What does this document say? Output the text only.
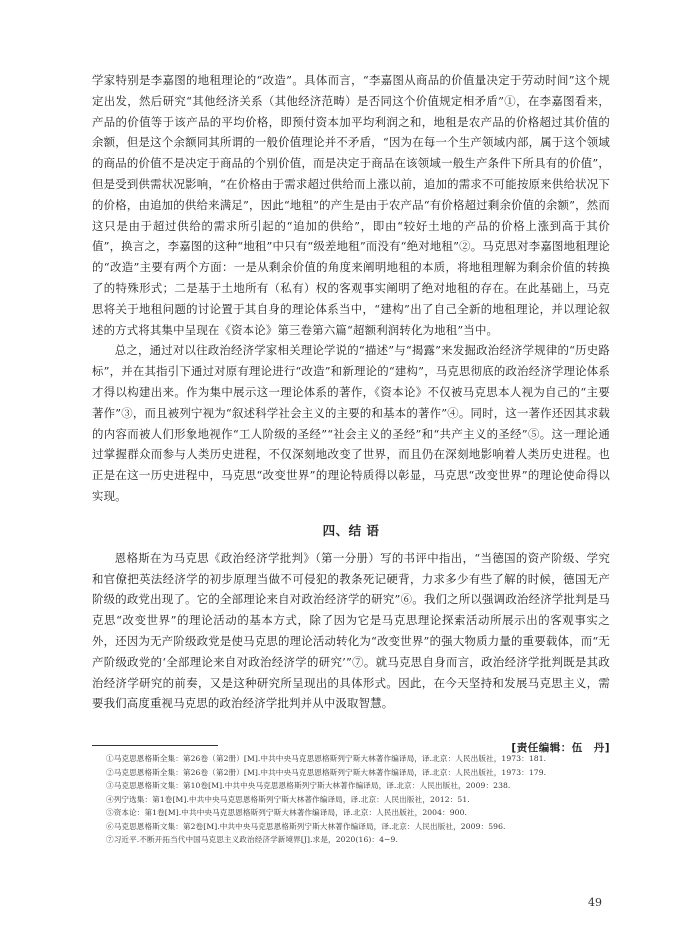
学家特别是李嘉图的地租理论的“改造”。具体而言，“李嘉图从商品的价值量决定于劳动时间”这个规定出发，然后研究“其他经济关系（其他经济范畴）是否同这个价值规定相矛盾”①，在李嘉图看来，产品的价值等于该产品的平均价格，即预付资本加平均利润之和，地租是农产品的价格超过其价值的余额，但是这个余额同其所谓的一般价值理论并不矛盾，“因为在每一个生产领域内部，属于这个领域的商品的价值不是决定于商品的个别价值，而是决定于商品在该领域一般生产条件下所具有的价值”，但是受到供需状况影响，“在价格由于需求超过供给而上涨以前，追加的需求不可能按原来供给状况下的价格，由追加的供给来满足”，因此“地租”的产生是由于农产品“有价格超过剩余价值的余额”，然而这只是由于超过供给的需求所引起的“追加的供给”，即由“较好土地的产品的价格上涨到高于其价值”，换言之，李嘉图的这种“地租”中只有“级差地租”而没有“绝对地租”②。马克思对李嘉图地租理论的“改造”主要有两个方面：一是从剩余价值的角度来阐明地租的本质，将地租理解为剩余价值的转换了的特殊形式；二是基于土地所有（私有）权的客观事实阐明了绝对地租的存在。在此基础上，马克思将关于地租问题的讨论置于其自身的理论体系当中，“建构”出了自己全新的地租理论，并以理论叙述的方式将其集中呈现在《资本论》第三卷第六篇“超额利润转化为地租”当中。

总之，通过对以往政治经济学家相关理论学说的“描述”与“揭露”来发掘政治经济学规律的“历史路标”，并在其指引下通过对原有理论进行“改造”和新理论的“建构”，马克思彻底的政治经济学理论体系才得以构建出来。作为集中展示这一理论体系的著作，《资本论》不仅被马克思本人视为自己的“主要著作”③，而且被列宁视为“叙述科学社会主义的主要的和基本的著作”④。同时，这一著作还因其求载的内容而被人们形象地视作“工人阶级的圣经”“社会主义的圣经”和“共产主义的圣经”⑤。这一理论通过掌握群众而参与人类历史进程，不仅深刻地改变了世界，而且仍在深刻地影响着人类历史进程。也正是在这一历史进程中，马克思“改变世界”的理论特质得以彰显，马克思“改变世界”的理论使命得以实现。

四、结 语

恩格斯在为马克思《政治经济学批判》（第一分册）写的书评中指出，“当德国的资产阶级、学究和官僚把英法经济学的初步原理当做不可侵犯的教条死记硬背，力求多少有些了解的时候，德国无产阶级的政党出现了。它的全部理论来自对政治经济学的研究”⑥。我们之所以强调政治经济学批判是马克思“改变世界”的理论活动的基本方式，除了因为它是马克思理论探索活动所展示出的客观事实之外，还因为无产阶级政党是使马克思的理论活动转化为“改变世界”的强大物质力量的重要载体，而“无产阶级政党的‘全部理论来自对政治经济学的研究’”⑦。就马克思自身而言，政治经济学批判既是其政治经济学研究的前奏，又是这种研究所呈现出的具体形式。因此，在今天坚持和发展马克思主义，需要我们高度重视马克思的政治经济学批判并从中汲取智慧。

[责任编辑：伍　丹]
①马克思恩格斯全集：第26卷（第2册）[M].中共中央马克思恩格斯列宁斯大林著作编译局，译.北京：人民出版社，1973：181.
②马克思恩格斯全集：第26卷（第2册）[M].中共中央马克思恩格斯列宁斯大林著作编译局，译.北京：人民出版社，1973：179.
③马克思恩格斯文集：第10卷[M].中共中央马克思恩格斯列宁斯大林著作编译局，译.北京：人民出版社，2009：238.
④列宁选集：第1卷[M].中共中央马克思恩格斯列宁斯大林著作编译局，译.北京：人民出版社，2012：51.
⑤资本论：第1卷[M].中共中央马克思恩格斯列宁斯大林著作编译局，译.北京：人民出版社，2004：900.
⑥马克思恩格斯文集：第2卷[M].中共中央马克思恩格斯列宁斯大林著作编译局，译.北京：人民出版社，2009：596.
⑦习近平.不断开拓当代中国马克思主义政治经济学新境界[J].求是，2020(16)：4−9.
49
